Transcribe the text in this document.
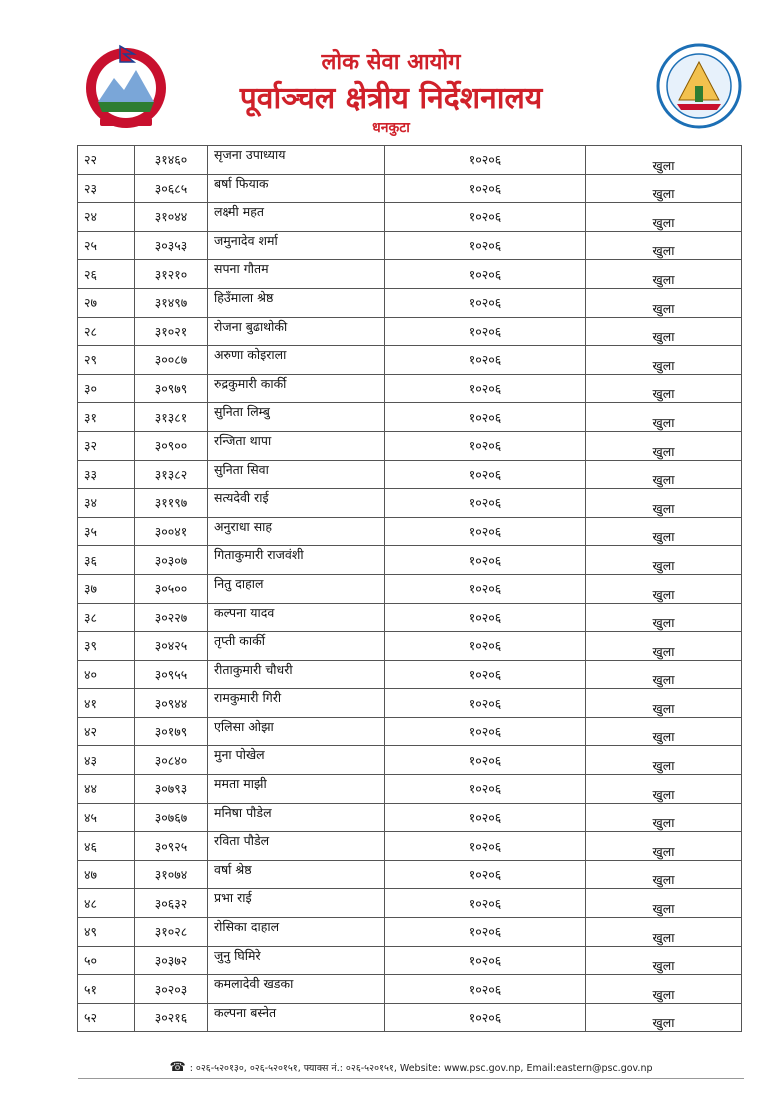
लोक सेवा आयोग
पूर्वाञ्चल क्षेत्रीय निर्देशनालय
धनकुटा
२२	३१४६०	सृजना उपाध्याय	१०२०६	खुला
२३	३०६८५	बर्षा फियाक	१०२०६	खुला
२४	३१०४४	लक्ष्मी महत	१०२०६	खुला
२५	३०३५३	जमुनादेव शर्मा	१०२०६	खुला
२६	३१२१०	सपना गौतम	१०२०६	खुला
२७	३१४९७	हिउँमाला श्रेष्ठ	१०२०६	खुला
२८	३१०२१	रोजना बुढाथोकी	१०२०६	खुला
२९	३००८७	अरुणा कोइराला	१०२०६	खुला
३०	३०९७९	रुद्रकुमारी कार्की	१०२०६	खुला
३१	३१३८१	सुनिता लिम्बु	१०२०६	खुला
३२	३०९००	रन्जिता थापा	१०२०६	खुला
३३	३१३८२	सुनिता सिवा	१०२०६	खुला
३४	३११९७	सत्यदेवी राई	१०२०६	खुला
३५	३००४१	अनुराधा साह	१०२०६	खुला
३६	३०३०७	गिताकुमारी राजवंशी	१०२०६	खुला
३७	३०५००	नितु दाहाल	१०२०६	खुला
३८	३०२२७	कल्पना यादव	१०२०६	खुला
३९	३०४२५	तृप्ती कार्की	१०२०६	खुला
४०	३०९५५	रीताकुमारी चौधरी	१०२०६	खुला
४१	३०९४४	रामकुमारी गिरी	१०२०६	खुला
४२	३०१७९	एलिसा ओझा	१०२०६	खुला
४३	३०८४०	मुना पोखेल	१०२०६	खुला
४४	३०७९३	ममता माझी	१०२०६	खुला
४५	३०७६७	मनिषा पौडेल	१०२०६	खुला
४६	३०९२५	रविता पौडेल	१०२०६	खुला
४७	३१०७४	वर्षा श्रेष्ठ	१०२०६	खुला
४८	३०६३२	प्रभा राई	१०२०६	खुला
४९	३१०२८	रोसिका दाहाल	१०२०६	खुला
५०	३०३७२	जुनु घिमिरे	१०२०६	खुला
५१	३०२०३	कमलादेवी खडका	१०२०६	खुला
५२	३०२१६	कल्पना बस्नेत	१०२०६	खुला
☎ : ०२६-५२०१३०, ०२६-५२०१५१, फ्याक्स नं.: ०२६-५२०१५१, Website: www.psc.gov.np, Email:eastern@psc.gov.np
